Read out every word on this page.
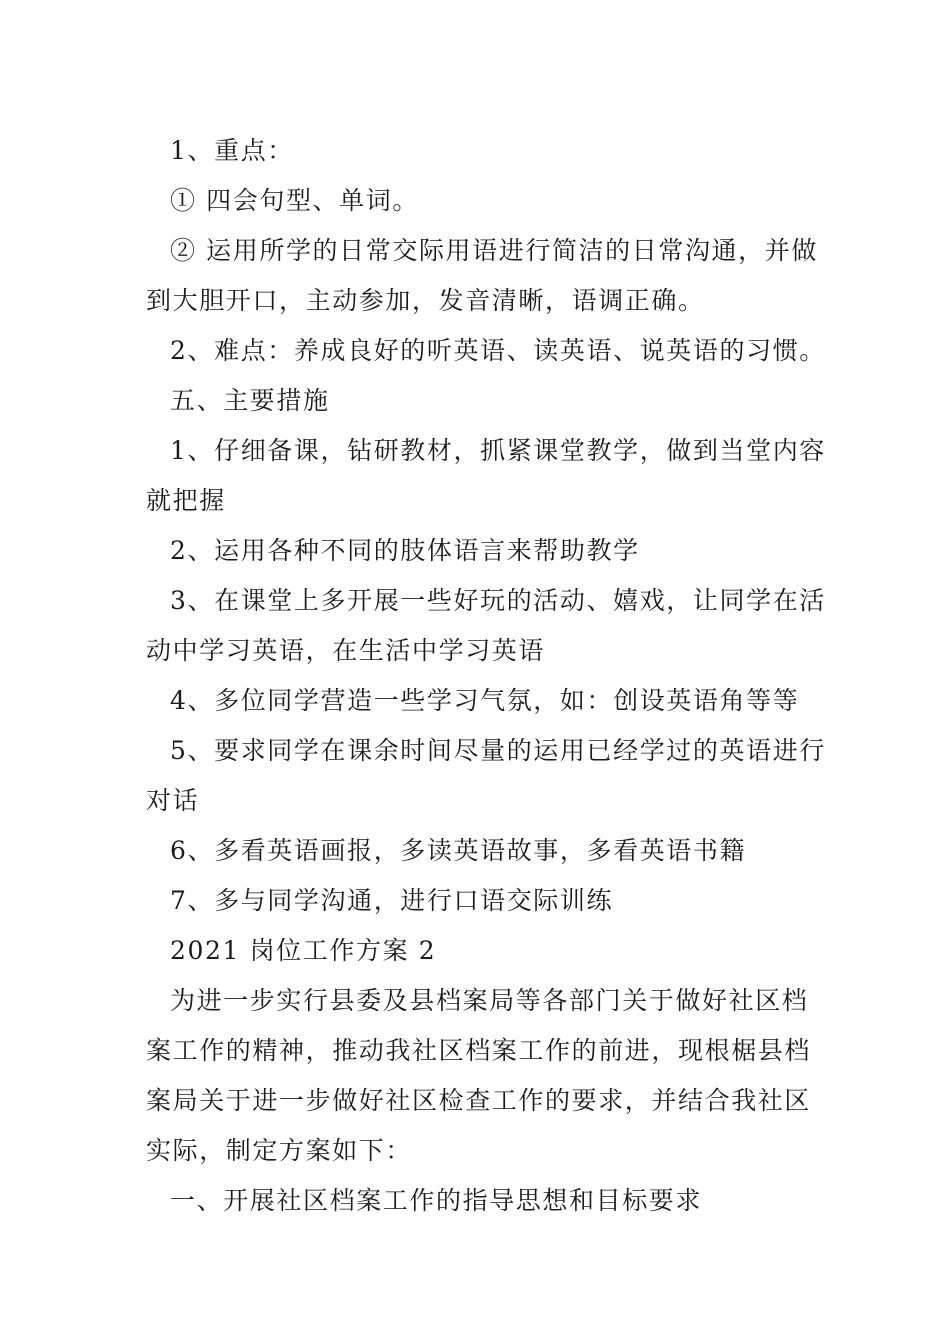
1、重点：
① 四会句型、单词。
② 运用所学的日常交际用语进行简洁的日常沟通，并做
到大胆开口，主动参加，发音清晰，语调正确。
2、难点：养成良好的听英语、读英语、说英语的习惯。
五、主要措施
1、仔细备课，钻研教材，抓紧课堂教学，做到当堂内容
就把握
2、运用各种不同的肢体语言来帮助教学
3、在课堂上多开展一些好玩的活动、嬉戏，让同学在活
动中学习英语，在生活中学习英语
4、多位同学营造一些学习气氛，如：创设英语角等等
5、要求同学在课余时间尽量的运用已经学过的英语进行
对话
6、多看英语画报，多读英语故事，多看英语书籍
7、多与同学沟通，进行口语交际训练
2021 岗位工作方案 2
为进一步实行县委及县档案局等各部门关于做好社区档
案工作的精神，推动我社区档案工作的前进，现根椐县档
案局关于进一步做好社区检查工作的要求，并结合我社区
实际，制定方案如下：
一、开展社区档案工作的指导思想和目标要求
